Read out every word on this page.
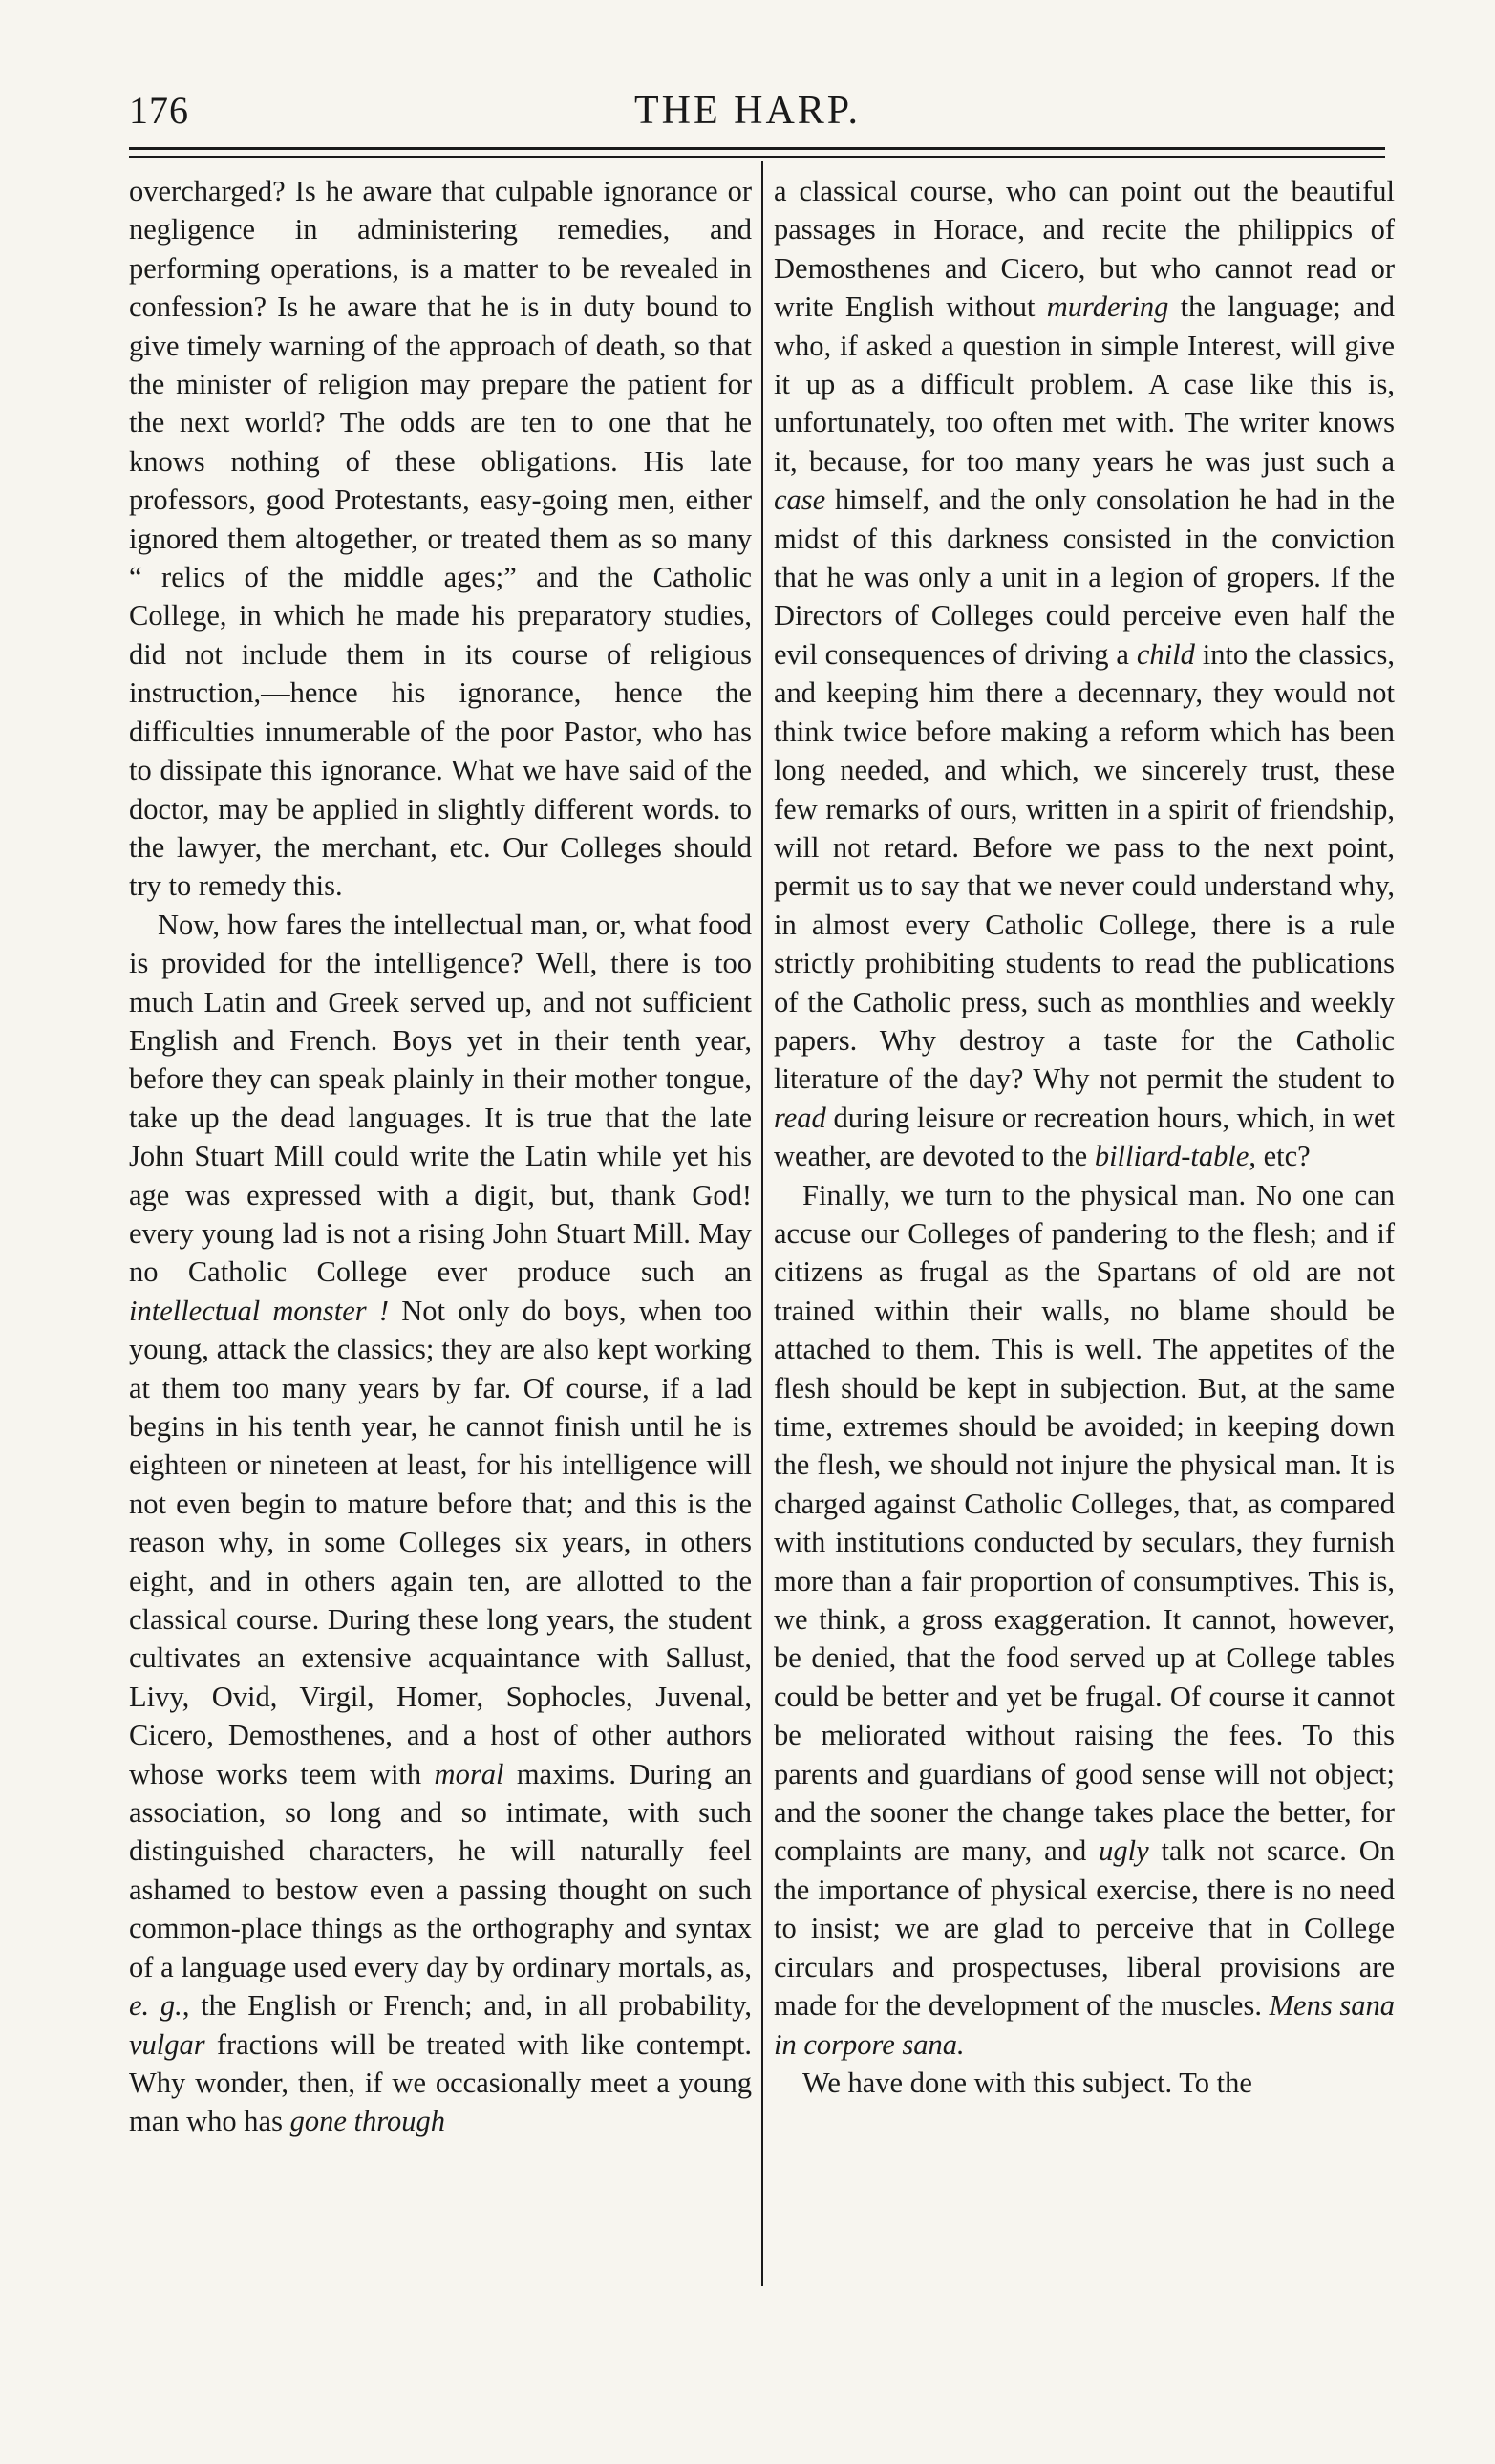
176	THE HARP.

overcharged? Is he aware that culpable ignorance or negligence in administering remedies, and performing operations, is a matter to be revealed in confession? Is he aware that he is in duty bound to give timely warning of the approach of death, so that the minister of religion may prepare the patient for the next world? The odds are ten to one that he knows nothing of these obligations. His late professors, good Protestants, easy-going men, either ignored them altogether, or treated them as so many “ relics of the middle ages;” and the Catholic College, in which he made his preparatory studies, did not include them in its course of religious instruction,—hence his ignorance, hence the difficulties innumerable of the poor Pastor, who has to dissipate this ignorance. What we have said of the doctor, may be applied in slightly different words. to the lawyer, the merchant, etc. Our Colleges should try to remedy this.

Now, how fares the intellectual man, or, what food is provided for the intelligence? Well, there is too much Latin and Greek served up, and not sufficient English and French. Boys yet in their tenth year, before they can speak plainly in their mother tongue, take up the dead languages. It is true that the late John Stuart Mill could write the Latin while yet his age was expressed with a digit, but, thank God! every young lad is not a rising John Stuart Mill. May no Catholic College ever produce such an intellectual monster ! Not only do boys, when too young, attack the classics; they are also kept working at them too many years by far. Of course, if a lad begins in his tenth year, he cannot finish until he is eighteen or nineteen at least, for his intelligence will not even begin to mature before that; and this is the reason why, in some Colleges six years, in others eight, and in others again ten, are allotted to the classical course. During these long years, the student cultivates an extensive acquaintance with Sallust, Livy, Ovid, Virgil, Homer, Sophocles, Juvenal, Cicero, Demosthenes, and a host of other authors whose works teem with moral maxims. During an association, so long and so intimate, with such distinguished characters, he will naturally feel ashamed to bestow even a passing thought on such common-place things as the orthography and syntax of a language used every day by ordinary mortals, as, e. g., the English or French; and, in all probability, vulgar fractions will be treated with like contempt. Why wonder, then, if we occasionally meet a young man who has gone through

a classical course, who can point out the beautiful passages in Horace, and recite the philippics of Demosthenes and Cicero, but who cannot read or write English without murdering the language; and who, if asked a question in simple Interest, will give it up as a difficult problem. A case like this is, unfortunately, too often met with. The writer knows it, because, for too many years he was just such a case himself, and the only consolation he had in the midst of this darkness consisted in the conviction that he was only a unit in a legion of gropers. If the Directors of Colleges could perceive even half the evil consequences of driving a child into the classics, and keeping him there a decennary, they would not think twice before making a reform which has been long needed, and which, we sincerely trust, these few remarks of ours, written in a spirit of friendship, will not retard. Before we pass to the next point, permit us to say that we never could understand why, in almost every Catholic College, there is a rule strictly prohibiting students to read the publications of the Catholic press, such as monthlies and weekly papers. Why destroy a taste for the Catholic literature of the day? Why not permit the student to read during leisure or recreation hours, which, in wet weather, are devoted to the billiard-table, etc?

Finally, we turn to the physical man. No one can accuse our Colleges of pandering to the flesh; and if citizens as frugal as the Spartans of old are not trained within their walls, no blame should be attached to them. This is well. The appetites of the flesh should be kept in subjection. But, at the same time, extremes should be avoided; in keeping down the flesh, we should not injure the physical man. It is charged against Catholic Colleges, that, as compared with institutions conducted by seculars, they furnish more than a fair proportion of consumptives. This is, we think, a gross exaggeration. It cannot, however, be denied, that the food served up at College tables could be better and yet be frugal. Of course it cannot be meliorated without raising the fees. To this parents and guardians of good sense will not object; and the sooner the change takes place the better, for complaints are many, and ugly talk not scarce. On the importance of physical exercise, there is no need to insist; we are glad to perceive that in College circulars and prospectuses, liberal provisions are made for the development of the muscles. Mens sana in corpore sana.

We have done with this subject. To the
